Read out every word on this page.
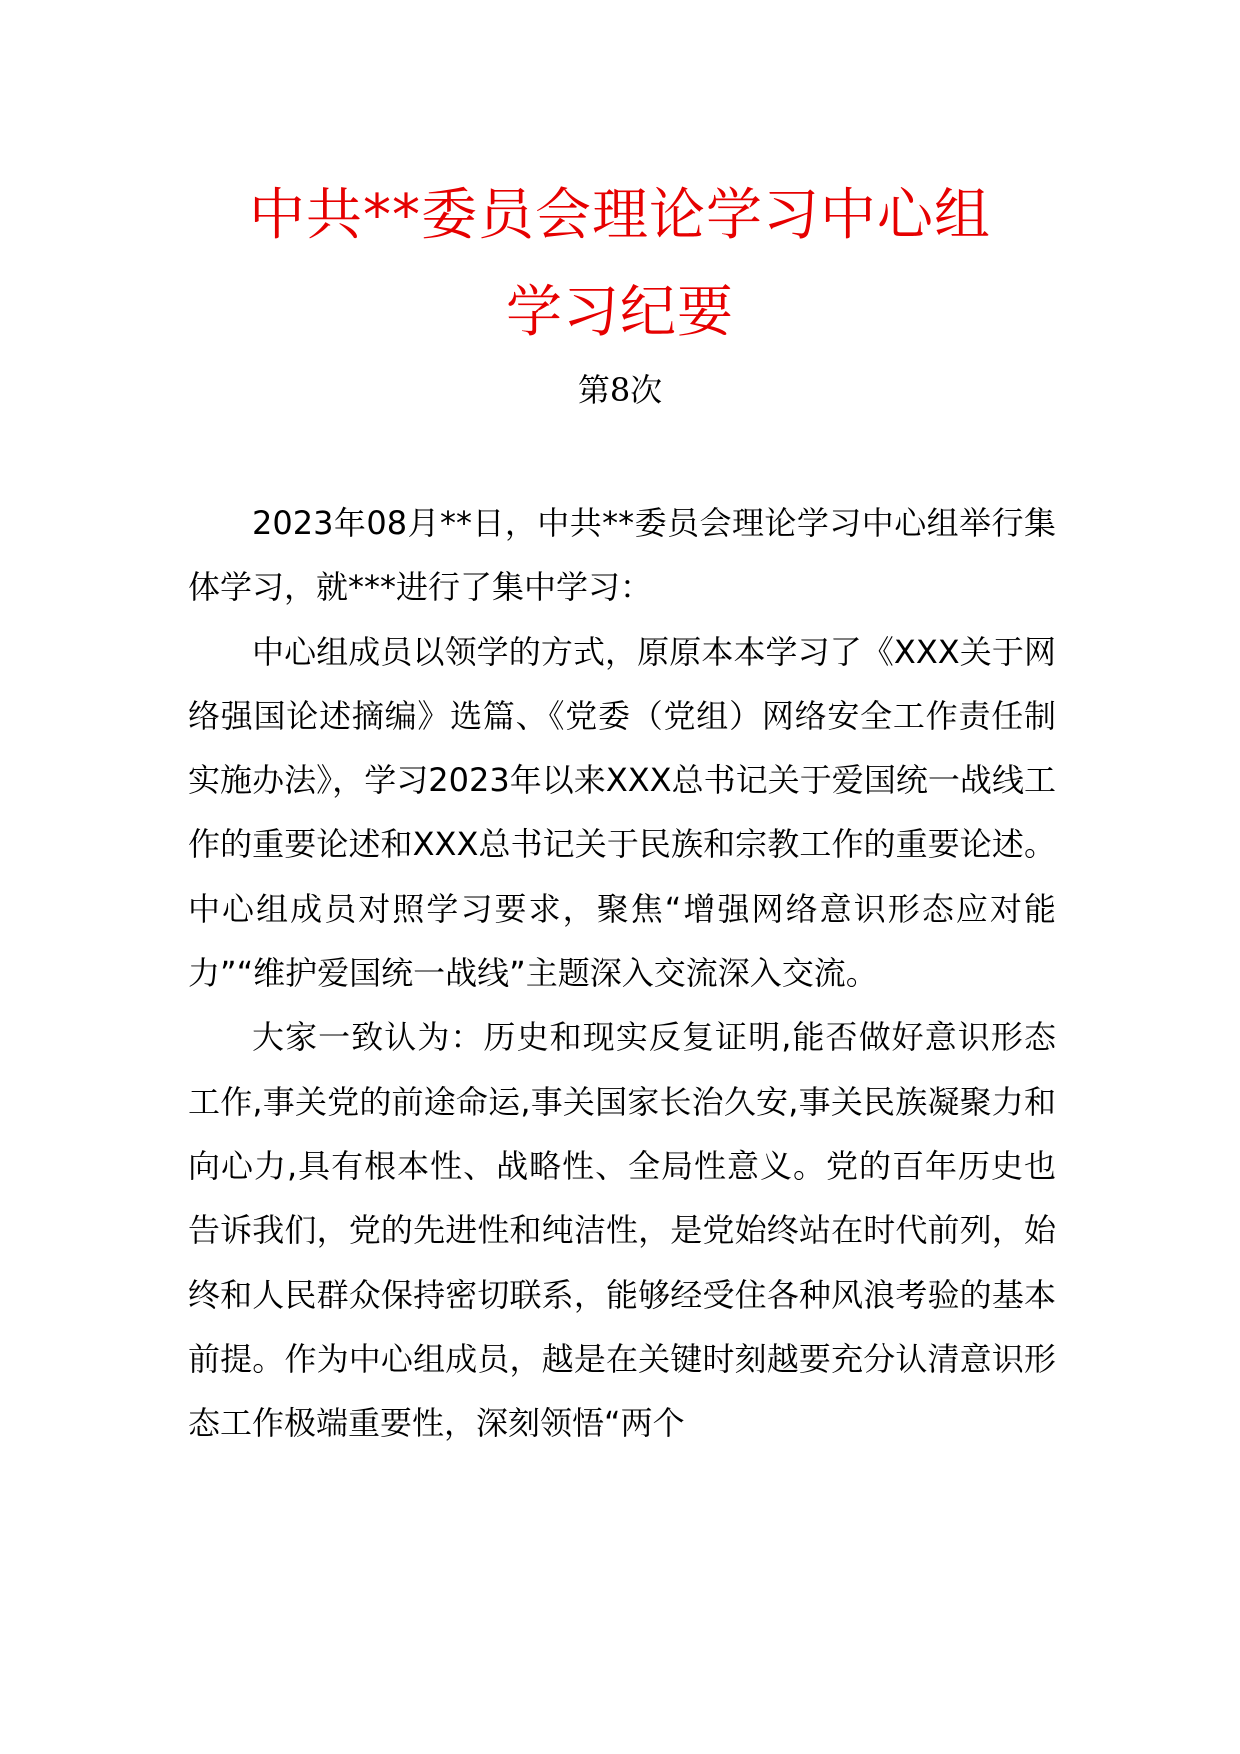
中共**委员会理论学习中心组
学习纪要
第8次

2023年08月**日，中共**委员会理论学习中心组举行集体学习，就***进行了集中学习：

中心组成员以领学的方式，原原本本学习了《XXX关于网络强国论述摘编》选篇、《党委（党组）网络安全工作责任制实施办法》，学习2023年以来XXX总书记关于爱国统一战线工作的重要论述和XXX总书记关于民族和宗教工作的重要论述。中心组成员对照学习要求，聚焦“增强网络意识形态应对能力”“维护爱国统一战线”主题深入交流深入交流。

大家一致认为：历史和现实反复证明,能否做好意识形态工作,事关党的前途命运,事关国家长治久安,事关民族凝聚力和向心力,具有根本性、战略性、全局性意义。党的百年历史也告诉我们，党的先进性和纯洁性，是党始终站在时代前列，始终和人民群众保持密切联系，能够经受住各种风浪考验的基本前提。作为中心组成员，越是在关键时刻越要充分认清意识形态工作极端重要性，深刻领悟“两个
